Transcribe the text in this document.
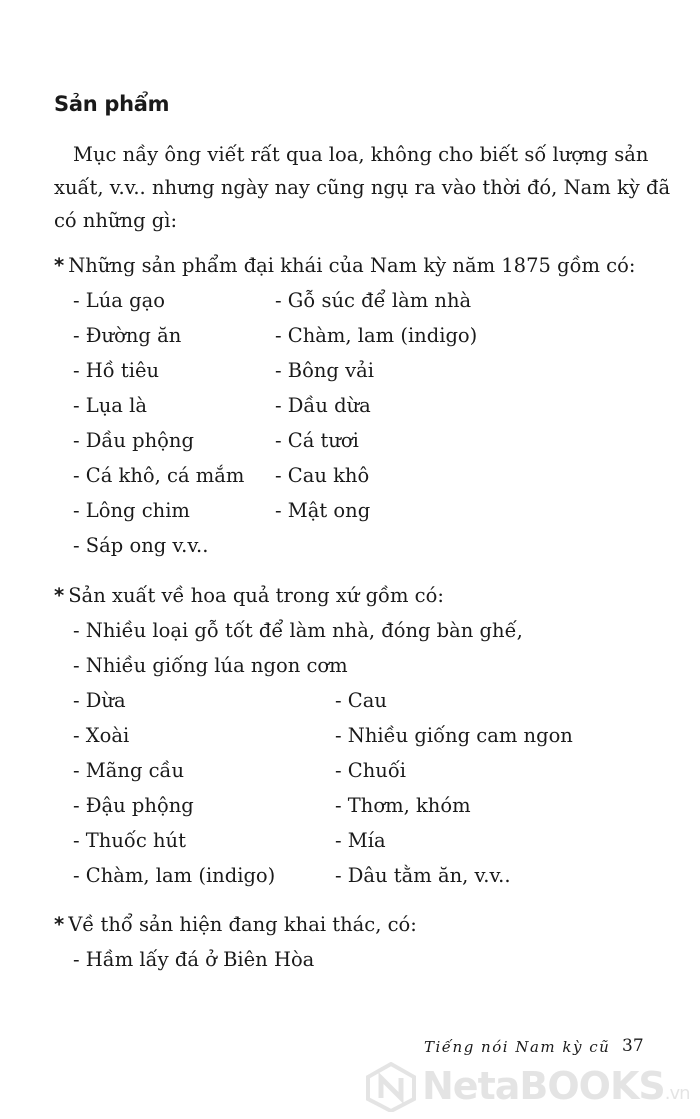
Sản phẩm
Mục nầy ông viết rất qua loa, không cho biết số lượng sản
xuất, v.v.. nhưng ngày nay cũng ngụ ra vào thời đó, Nam kỳ đã
có những gì:
* Những sản phẩm đại khái của Nam kỳ năm 1875 gồm có:
- Lúa gạo	- Gỗ súc để làm nhà
- Đường ăn	- Chàm, lam (indigo)
- Hồ tiêu	- Bông vải
- Lụa là	- Dầu dừa
- Dầu phộng	- Cá tươi
- Cá khô, cá mắm - Cau khô
- Lông chim	- Mật ong
- Sáp ong v.v..
* Sản xuất về hoa quả trong xứ gồm có:
- Nhiều loại gỗ tốt để làm nhà, đóng bàn ghế,
- Nhiều giống lúa ngon cơm
- Dừa	- Cau
- Xoài	- Nhiều giống cam ngon
- Mãng cầu	- Chuối
- Đậu phộng	- Thơm, khóm
- Thuốc hút	- Mía
- Chàm, lam (indigo)	- Dâu tằm ăn, v.v..
* Về thổ sản hiện đang khai thác, có:
- Hầm lấy đá ở Biên Hòa
Tiếng nói Nam kỳ cũ 37
NetaBOOKS.vn
